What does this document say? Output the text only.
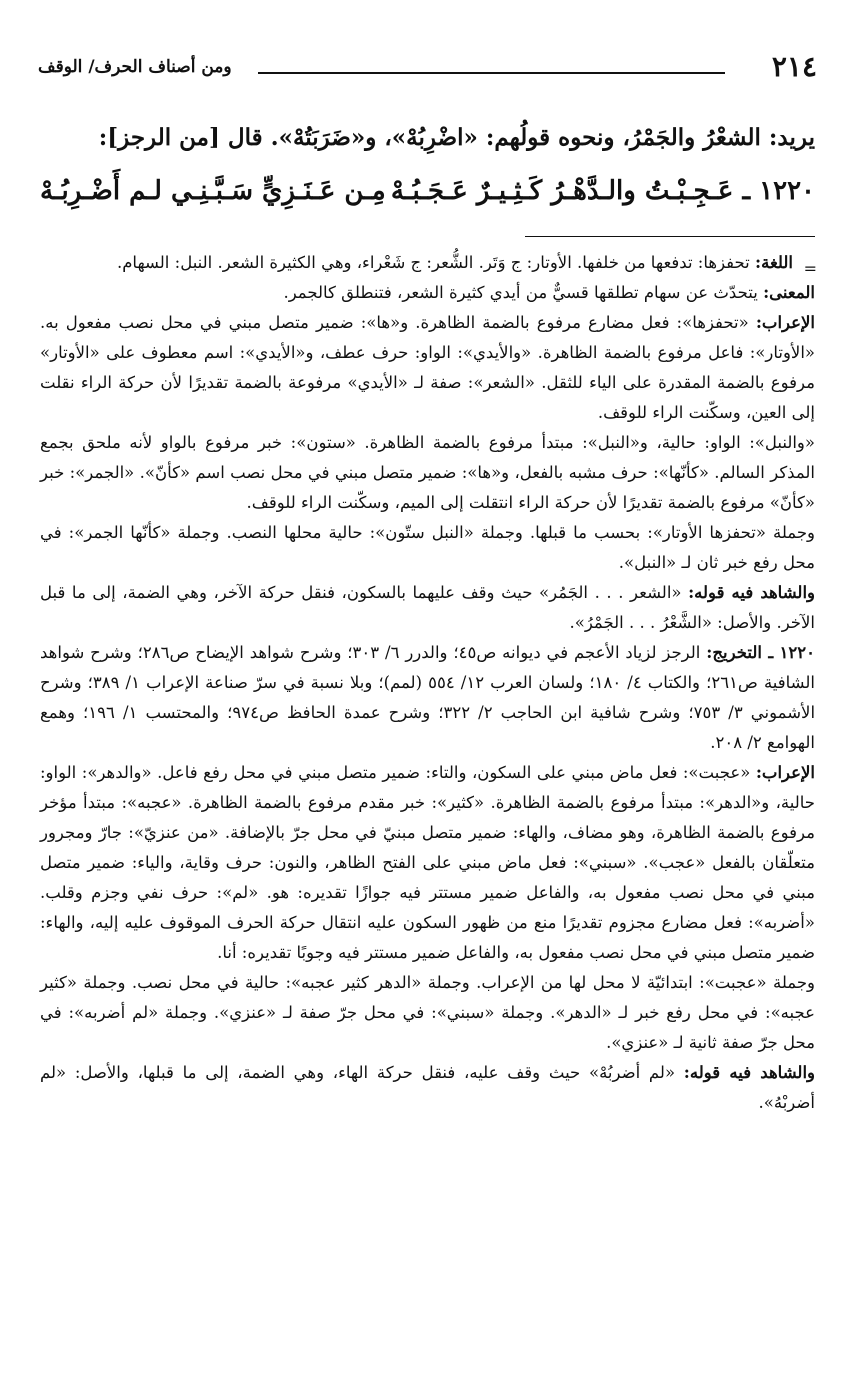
٢١٤
ومن أصناف الحرف/ الوقف
يريد: الشعْرُ والجَمْرُ، ونحوه قولُهم: «اضْرِبُهْ»، و«ضَرَبَتُهْ». قال [من الرجز]:
١٢٢٠ ـ عَـجِـبْـتُ والـدَّهْـرُ كَـثِـيـرٌ عَـجَـبُـهْ
مِـن عَـنَـزِيٍّ سَـبَّـنِـي لـم أَضْـرِبُـهْ
=

اللغة: تحفزها: تدفعها من خلفها. الأوتار: ج وَتَر. الشُّعر: ج شَعْراء، وهي الكثيرة الشعر. النبل: السهام.

المعنى: يتحدّث عن سهام تطلقها قسيٌّ من أيدي كثيرة الشعر، فتنطلق كالجمر.

الإعراب: «تحفزها»: فعل مضارع مرفوع بالضمة الظاهرة. و«ها»: ضمير متصل مبني في محل نصب مفعول به. «الأوتار»: فاعل مرفوع بالضمة الظاهرة. «والأيدي»: الواو: حرف عطف، و«الأيدي»: اسم معطوف على «الأوتار» مرفوع بالضمة المقدرة على الياء للثقل. «الشعر»: صفة لـ «الأيدي» مرفوعة بالضمة تقديرًا لأن حركة الراء نقلت إلى العين، وسكّنت الراء للوقف.

«والنبل»: الواو: حالية، و«النبل»: مبتدأ مرفوع بالضمة الظاهرة. «ستون»: خبر مرفوع بالواو لأنه ملحق بجمع المذكر السالم. «كأنّها»: حرف مشبه بالفعل، و«ها»: ضمير متصل مبني في محل نصب اسم «كأنّ». «الجمر»: خبر «كأنّ» مرفوع بالضمة تقديرًا لأن حركة الراء انتقلت إلى الميم، وسكّنت الراء للوقف.

وجملة «تحفزها الأوتار»: بحسب ما قبلها. وجملة «النبل ستّون»: حالية محلها النصب. وجملة «كأنّها الجمر»: في محل رفع خبر ثان لـ «النبل».

والشاهد فيه قوله: «الشعر . . . الجَمُر» حيث وقف عليهما بالسكون، فنقل حركة الآخر، وهي الضمة، إلى ما قبل الآخر. والأصل: «الشَّعْرُ . . . الجَمْرُ».

١٢٢٠ ـ التخريج: الرجز لزياد الأعجم في ديوانه ص٤٥؛ والدرر ٦/ ٣٠٣؛ وشرح شواهد الإيضاح ص٢٨٦؛ وشرح شواهد الشافية ص٢٦١؛ والكتاب ٤/ ١٨٠؛ ولسان العرب ١٢/ ٥٥٤ (لمم)؛ وبلا نسبة في سرّ صناعة الإعراب ١/ ٣٨٩؛ وشرح الأشموني ٣/ ٧٥٣؛ وشرح شافية ابن الحاجب ٢/ ٣٢٢؛ وشرح عمدة الحافظ ص٩٧٤؛ والمحتسب ١/ ١٩٦؛ وهمع الهوامع ٢/ ٢٠٨.

الإعراب: «عجبت»: فعل ماض مبني على السكون، والتاء: ضمير متصل مبني في محل رفع فاعل. «والدهر»: الواو: حالية، و«الدهر»: مبتدأ مرفوع بالضمة الظاهرة. «كثير»: خبر مقدم مرفوع بالضمة الظاهرة. «عجبه»: مبتدأ مؤخر مرفوع بالضمة الظاهرة، وهو مضاف، والهاء: ضمير متصل مبنيّ في محل جرّ بالإضافة. «من عنزيّ»: جارّ ومجرور متعلّقان بالفعل «عجب». «سبني»: فعل ماض مبني على الفتح الظاهر، والنون: حرف وقاية، والياء: ضمير متصل مبني في محل نصب مفعول به، والفاعل ضمير مستتر فيه جوازًا تقديره: هو. «لم»: حرف نفي وجزم وقلب. «أضربه»: فعل مضارع مجزوم تقديرًا منع من ظهور السكون عليه انتقال حركة الحرف الموقوف عليه إليه، والهاء: ضمير متصل مبني في محل نصب مفعول به، والفاعل ضمير مستتر فيه وجوبًا تقديره: أنا.

وجملة «عجبت»: ابتدائيّة لا محل لها من الإعراب. وجملة «الدهر كثير عجبه»: حالية في محل نصب. وجملة «كثير عجبه»: في محل رفع خبر لـ «الدهر». وجملة «سبني»: في محل جرّ صفة لـ «عنزي». وجملة «لم أضربه»: في محل جرّ صفة ثانية لـ «عنزي».

والشاهد فيه قوله: «لم أضربُهْ» حيث وقف عليه، فنقل حركة الهاء، وهي الضمة، إلى ما قبلها، والأصل: «لم أضربْهُ».
